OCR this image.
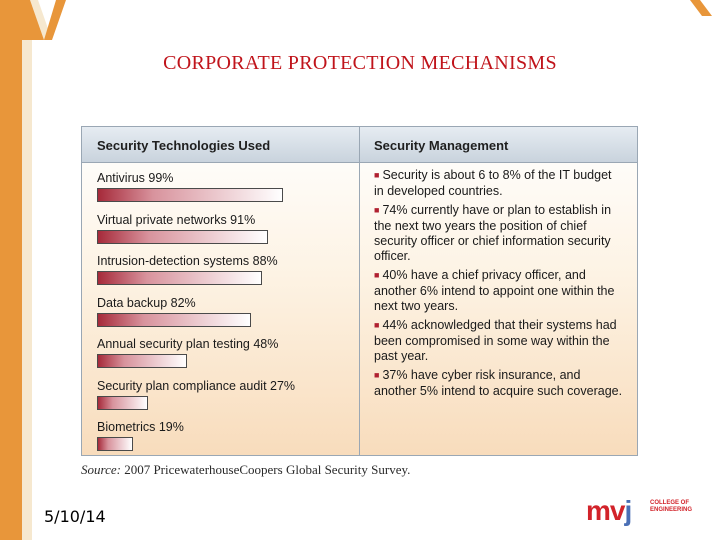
CORPORATE PROTECTION MECHANISMS
Security Technologies Used	Security Management
Antivirus 99%
Virtual private networks 91%
Intrusion-detection systems 88%
Data backup 82%
Annual security plan testing 48%
Security plan compliance audit 27%
Biometrics 19%
■ Security is about 6 to 8% of the IT budget in developed countries.
■ 74% currently have or plan to establish in the next two years the position of chief security officer or chief information security officer.
■ 40% have a chief privacy officer, and another 6% intend to appoint one within the next two years.
■ 44% acknowledged that their systems had been compromised in some way within the past year.
■ 37% have cyber risk insurance, and another 5% intend to acquire such coverage.
Source: 2007 PricewaterhouseCoopers Global Security Survey.
5/10/14	mvj	COLLEGE OF
ENGINEERING
